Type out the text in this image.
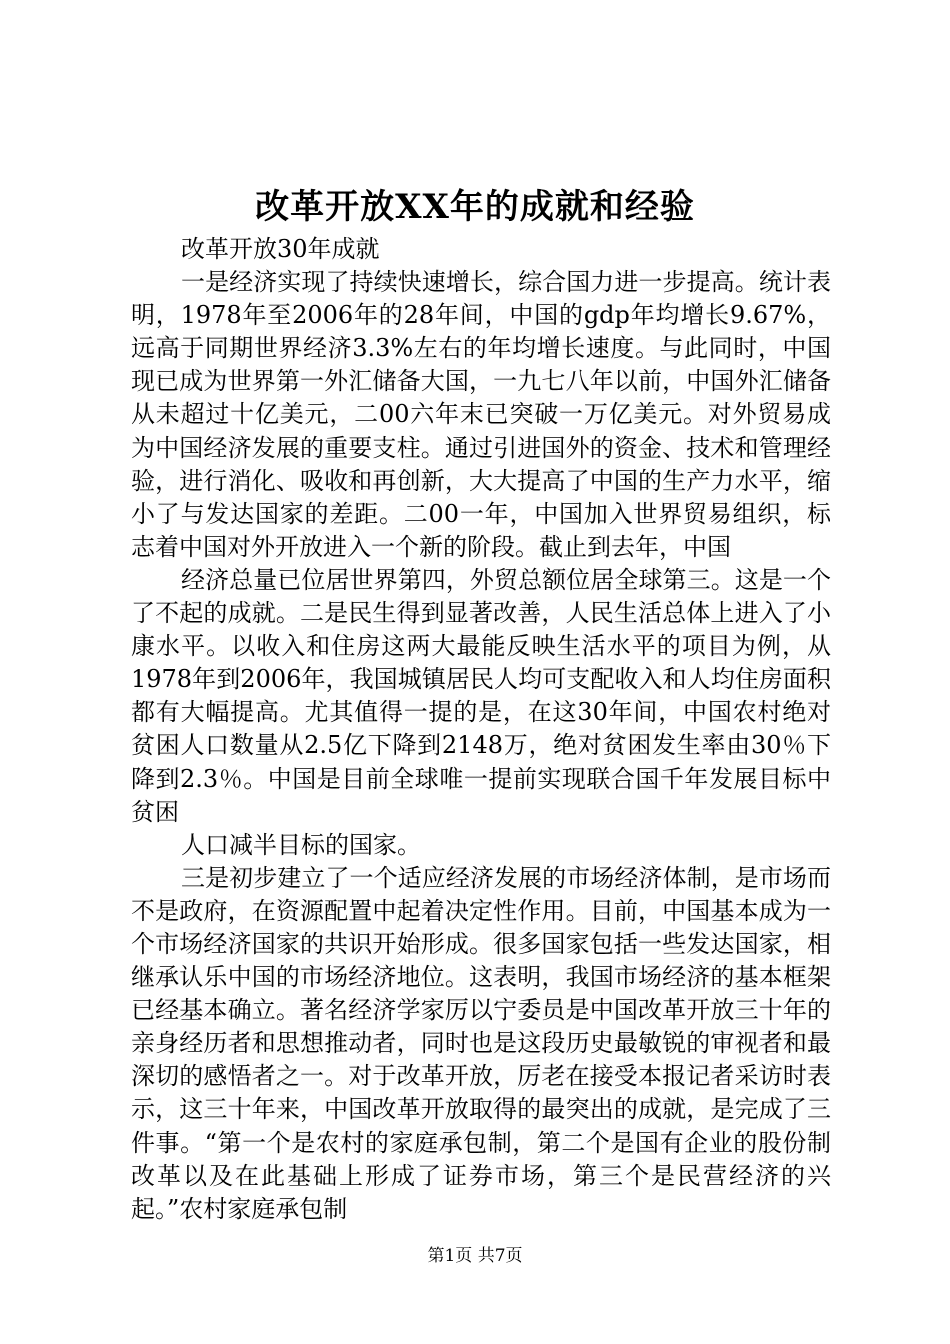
改革开放XX年的成就和经验

改革开放30年成就

一是经济实现了持续快速增长，综合国力进一步提高。统计表明，1978年至2006年的28年间，中国的gdp年均增长9.67%，远高于同期世界经济3.3%左右的年均增长速度。与此同时，中国现已成为世界第一外汇储备大国，一九七八年以前，中国外汇储备从未超过十亿美元，二00六年末已突破一万亿美元。对外贸易成为中国经济发展的重要支柱。通过引进国外的资金、技术和管理经验，进行消化、吸收和再创新，大大提高了中国的生产力水平，缩小了与发达国家的差距。二00一年，中国加入世界贸易组织，标志着中国对外开放进入一个新的阶段。截止到去年，中国

经济总量已位居世界第四，外贸总额位居全球第三。这是一个了不起的成就。二是民生得到显著改善，人民生活总体上进入了小康水平。以收入和住房这两大最能反映生活水平的项目为例，从1978年到2006年，我国城镇居民人均可支配收入和人均住房面积都有大幅提高。尤其值得一提的是，在这30年间，中国农村绝对贫困人口数量从2.5亿下降到2148万，绝对贫困发生率由30％下降到2.3％。中国是目前全球唯一提前实现联合国千年发展目标中贫困

人口减半目标的国家。

三是初步建立了一个适应经济发展的市场经济体制，是市场而不是政府，在资源配置中起着决定性作用。目前，中国基本成为一个市场经济国家的共识开始形成。很多国家包括一些发达国家，相继承认乐中国的市场经济地位。这表明，我国市场经济的基本框架已经基本确立。著名经济学家厉以宁委员是中国改革开放三十年的亲身经历者和思想推动者，同时也是这段历史最敏锐的审视者和最深切的感悟者之一。对于改革开放，厉老在接受本报记者采访时表示，这三十年来，中国改革开放取得的最突出的成就，是完成了三件事。“第一个是农村的家庭承包制，第二个是国有企业的股份制改革以及在此基础上形成了证券市场，第三个是民营经济的兴起。”农村家庭承包制

第1页 共7页
